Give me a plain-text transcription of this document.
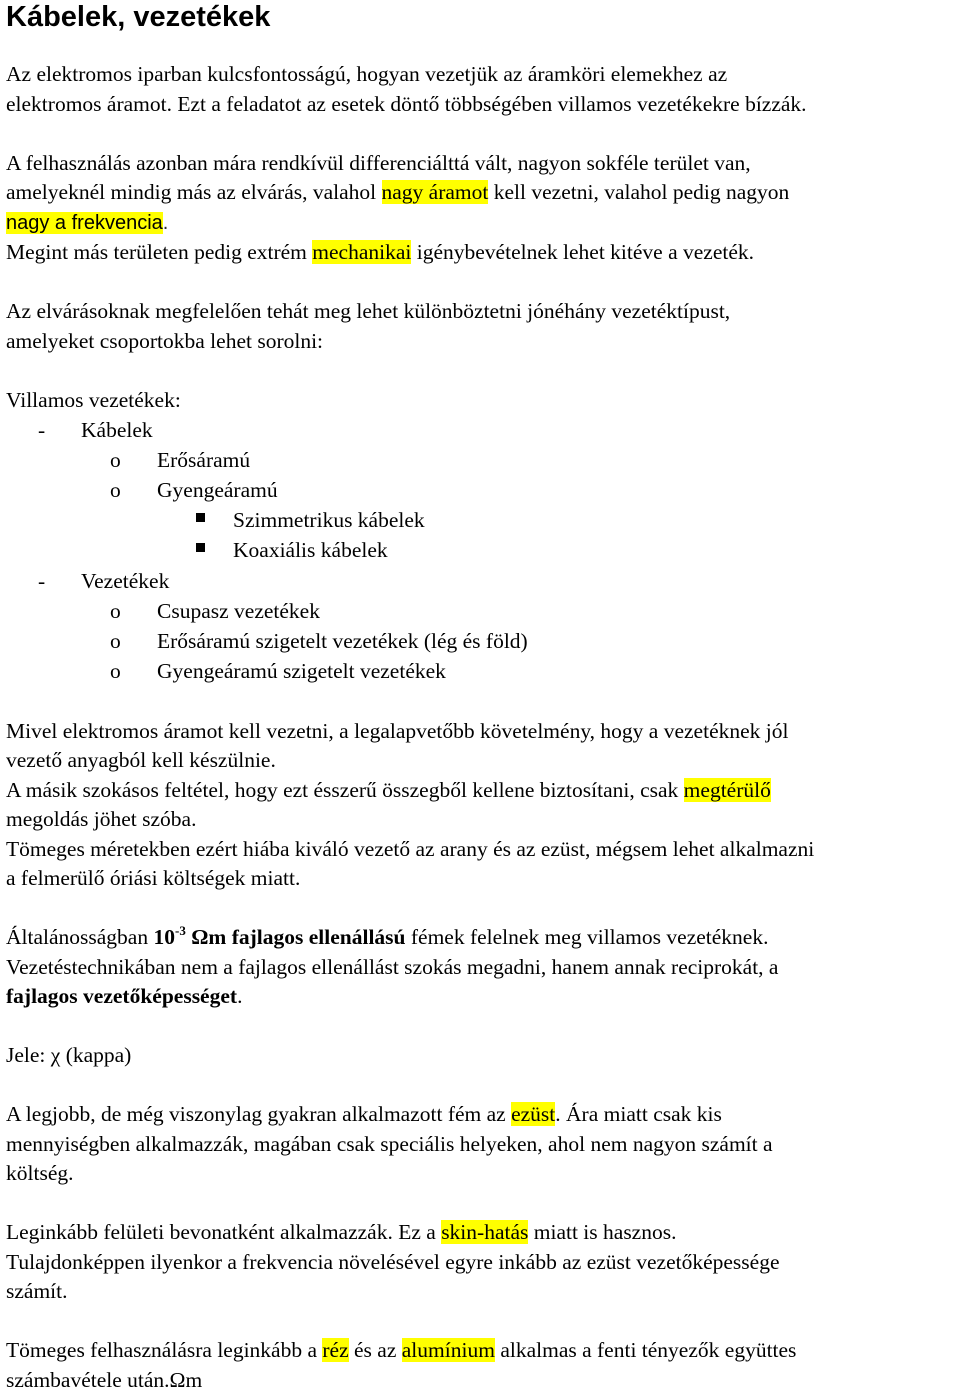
Kábelek, vezetékek

Az elektromos iparban kulcsfontosságú, hogyan vezetjük az áramköri elemekhez az
elektromos áramot. Ezt a feladatot az esetek döntő többségében villamos vezetékekre bízzák.

A felhasználás azonban mára rendkívül differenciálttá vált, nagyon sokféle terület van,
amelyeknél mindig más az elvárás, valahol nagy áramot kell vezetni, valahol pedig nagyon
nagy a frekvencia.
Megint más területen pedig extrém mechanikai igénybevételnek lehet kitéve a vezeték.

Az elvárásoknak megfelelően tehát meg lehet különböztetni jónéhány vezetéktípust,
amelyeket csoportokba lehet sorolni:

Villamos vezetékek:
- Kábelek
o Erősáramú
o Gyengeáramú
Szimmetrikus kábelek
Koaxiális kábelek
- Vezetékek
o Csupasz vezetékek
o Erősáramú szigetelt vezetékek (lég és föld)
o Gyengeáramú szigetelt vezetékek

Mivel elektromos áramot kell vezetni, a legalapvetőbb követelmény, hogy a vezetéknek jól
vezető anyagból kell készülnie.
A másik szokásos feltétel, hogy ezt ésszerű összegből kellene biztosítani, csak megtérülő
megoldás jöhet szóba.
Tömeges méretekben ezért hiába kiváló vezető az arany és az ezüst, mégsem lehet alkalmazni
a felmerülő óriási költségek miatt.

Általánosságban $10^{-3}$ Ωm fajlagos ellenállású fémek felelnek meg villamos vezetéknek.
Vezetéstechnikában nem a fajlagos ellenállást szokás megadni, hanem annak reciprokát, a
fajlagos vezetőképességet.

Jele: χ (kappa)

A legjobb, de még viszonylag gyakran alkalmazott fém az ezüst. Ára miatt csak kis
mennyiségben alkalmazzák, magában csak speciális helyeken, ahol nem nagyon számít a
költség.

Leginkább felületi bevonatként alkalmazzák. Ez a skin-hatás miatt is hasznos.
Tulajdonképpen ilyenkor a frekvencia növelésével egyre inkább az ezüst vezetőképessége
számít.

Tömeges felhasználásra leginkább a réz és az alumínium alkalmas a fenti tényezők együttes
számbavétele után.Ωm
